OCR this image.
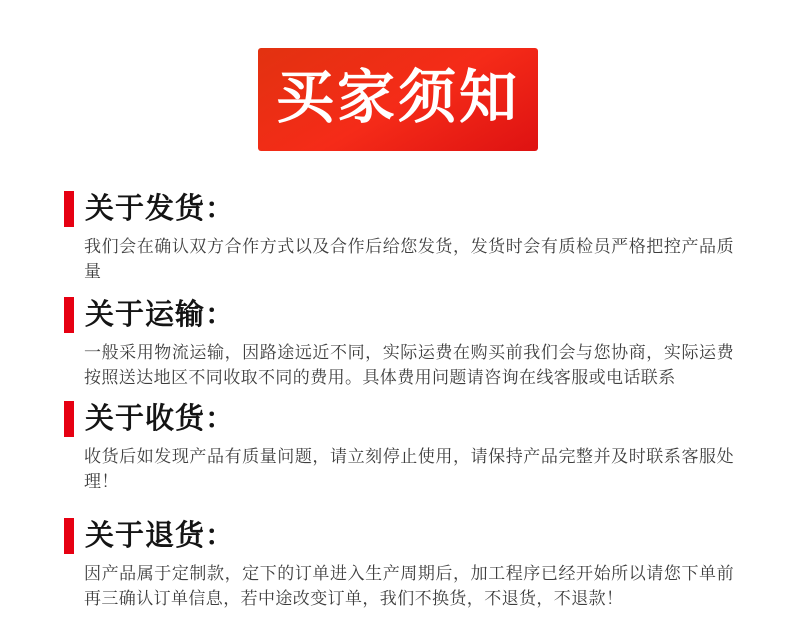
买家须知
关于发货：
我们会在确认双方合作方式以及合作后给您发货，发货时会有质检员严格把控产品质量
关于运输：
一般采用物流运输，因路途远近不同，实际运费在购买前我们会与您协商，实际运费按照送达地区不同收取不同的费用。具体费用问题请咨询在线客服或电话联系
关于收货：
收货后如发现产品有质量问题，请立刻停止使用，请保持产品完整并及时联系客服处理！
关于退货：
因产品属于定制款，定下的订单进入生产周期后，加工程序已经开始所以请您下单前再三确认订单信息，若中途改变订单，我们不换货，不退货，不退款！
